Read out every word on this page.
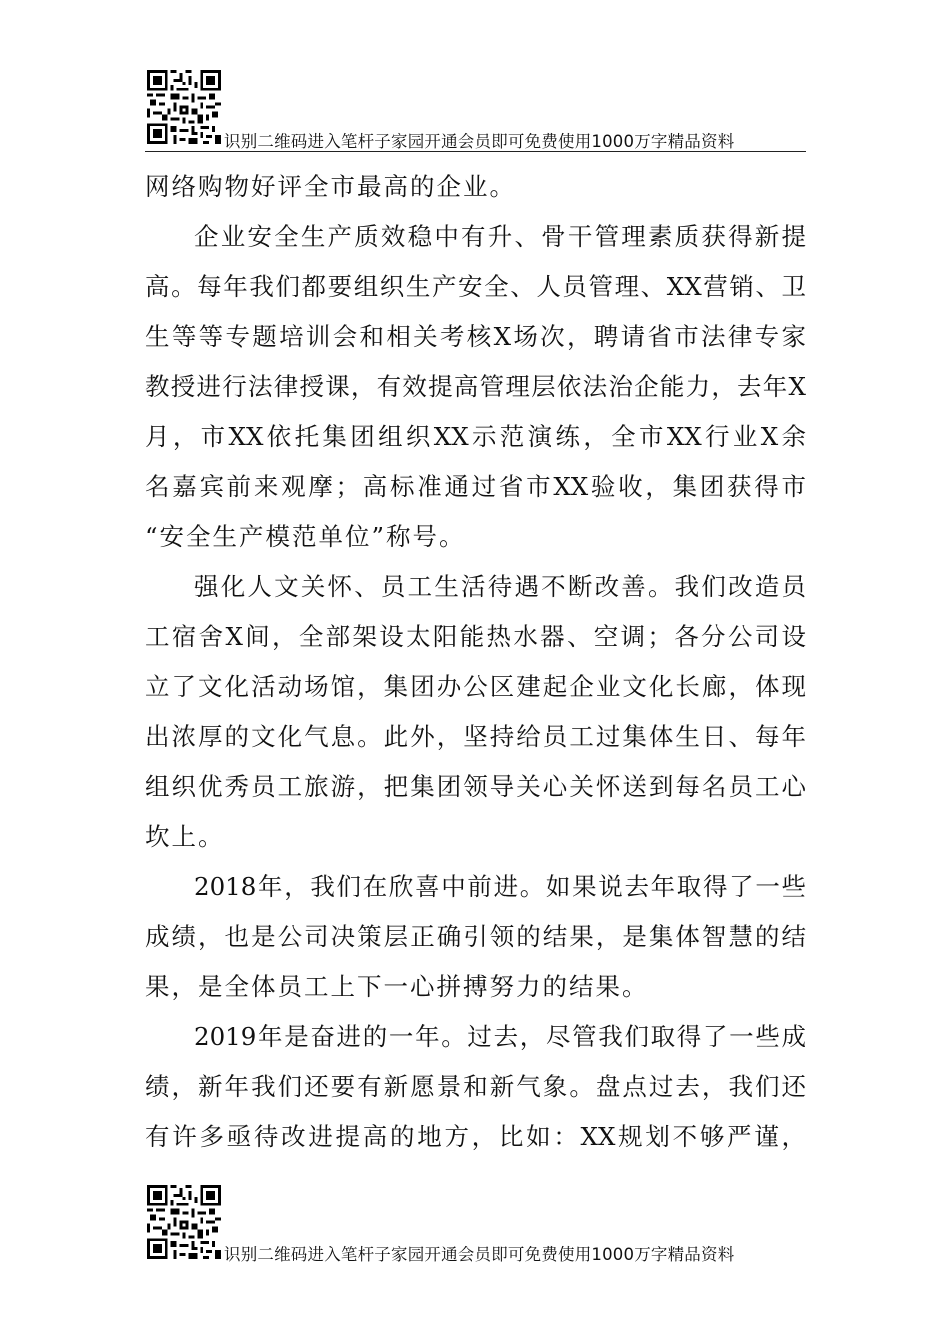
识别二维码进入笔杆子家园开通会员即可免费使用1000万字精品资料
网络购物好评全市最高的企业。
企业安全生产质效稳中有升、骨干管理素质获得新提
高。每年我们都要组织生产安全、人员管理、XX营销、卫
生等等专题培训会和相关考核X场次，聘请省市法律专家
教授进行法律授课，有效提高管理层依法治企能力，去年X
月，市XX依托集团组织XX示范演练，全市XX行业X余
名嘉宾前来观摩；高标准通过省市XX验收，集团获得市
“安全生产模范单位”称号。
强化人文关怀、员工生活待遇不断改善。我们改造员
工宿舍X间，全部架设太阳能热水器、空调；各分公司设
立了文化活动场馆，集团办公区建起企业文化长廊，体现
出浓厚的文化气息。此外，坚持给员工过集体生日、每年
组织优秀员工旅游，把集团领导关心关怀送到每名员工心
坎上。
2018年，我们在欣喜中前进。如果说去年取得了一些
成绩，也是公司决策层正确引领的结果，是集体智慧的结
果，是全体员工上下一心拼搏努力的结果。
2019年是奋进的一年。过去，尽管我们取得了一些成
绩，新年我们还要有新愿景和新气象。盘点过去，我们还
有许多亟待改进提高的地方，比如：XX规划不够严谨，
识别二维码进入笔杆子家园开通会员即可免费使用1000万字精品资料
